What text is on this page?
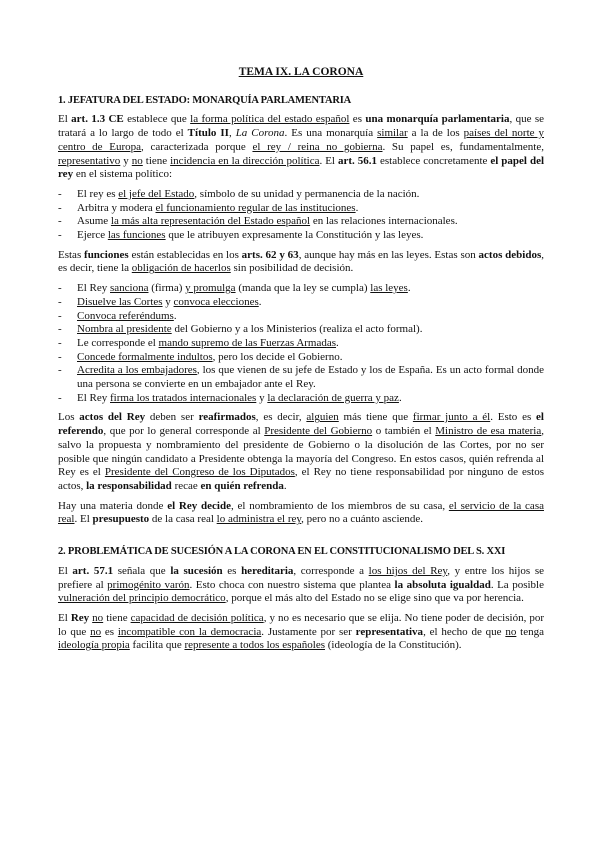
TEMA IX. LA CORONA
1. JEFATURA DEL ESTADO: MONARQUÍA PARLAMENTARIA

El art. 1.3 CE establece que la forma política del estado español es una monarquía parlamentaria, que se tratará a lo largo de todo el Título II, La Corona. Es una monarquía similar a la de los países del norte y centro de Europa, caracterizada porque el rey / reina no gobierna. Su papel es, fundamentalmente, representativo y no tiene incidencia en la dirección política. El art. 56.1 establece concretamente el papel del rey en el sistema político:

- El rey es el jefe del Estado, símbolo de su unidad y permanencia de la nación.
- Arbitra y modera el funcionamiento regular de las instituciones.
- Asume la más alta representación del Estado español en las relaciones internacionales.
- Ejerce las funciones que le atribuyen expresamente la Constitución y las leyes.

Estas funciones están establecidas en los arts. 62 y 63, aunque hay más en las leyes. Estas son actos debidos, es decir, tiene la obligación de hacerlos sin posibilidad de decisión.

- El Rey sanciona (firma) y promulga (manda que la ley se cumpla) las leyes.
- Disuelve las Cortes y convoca elecciones.
- Convoca referéndums.
- Nombra al presidente del Gobierno y a los Ministerios (realiza el acto formal).
- Le corresponde el mando supremo de las Fuerzas Armadas.
- Concede formalmente indultos, pero los decide el Gobierno.
- Acredita a los embajadores, los que vienen de su jefe de Estado y los de España. Es un acto formal donde una persona se convierte en un embajador ante el Rey.
- El Rey firma los tratados internacionales y la declaración de guerra y paz.

Los actos del Rey deben ser reafirmados, es decir, alguien más tiene que firmar junto a él. Esto es el referendo, que por lo general corresponde al Presidente del Gobierno o también el Ministro de esa materia, salvo la propuesta y nombramiento del presidente de Gobierno o la disolución de las Cortes, por no ser posible que ningún candidato a Presidente obtenga la mayoría del Congreso. En estos casos, quién refrenda al Rey es el Presidente del Congreso de los Diputados, el Rey no tiene responsabilidad por ninguno de estos actos, la responsabilidad recae en quién refrenda.

Hay una materia donde el Rey decide, el nombramiento de los miembros de su casa, el servicio de la casa real. El presupuesto de la casa real lo administra el rey, pero no a cuánto asciende.

2. PROBLEMÁTICA DE SUCESIÓN A LA CORONA EN EL CONSTITUCIONALISMO DEL S. XXI

El art. 57.1 señala que la sucesión es hereditaria, corresponde a los hijos del Rey, y entre los hijos se prefiere al primogénito varón. Esto choca con nuestro sistema que plantea la absoluta igualdad. La posible vulneración del principio democrático, porque el más alto del Estado no se elige sino que va por herencia.

El Rey no tiene capacidad de decisión política, y no es necesario que se elija. No tiene poder de decisión, por lo que no es incompatible con la democracia. Justamente por ser representativa, el hecho de que no tenga ideología propia facilita que represente a todos los españoles (ideología de la Constitución).
